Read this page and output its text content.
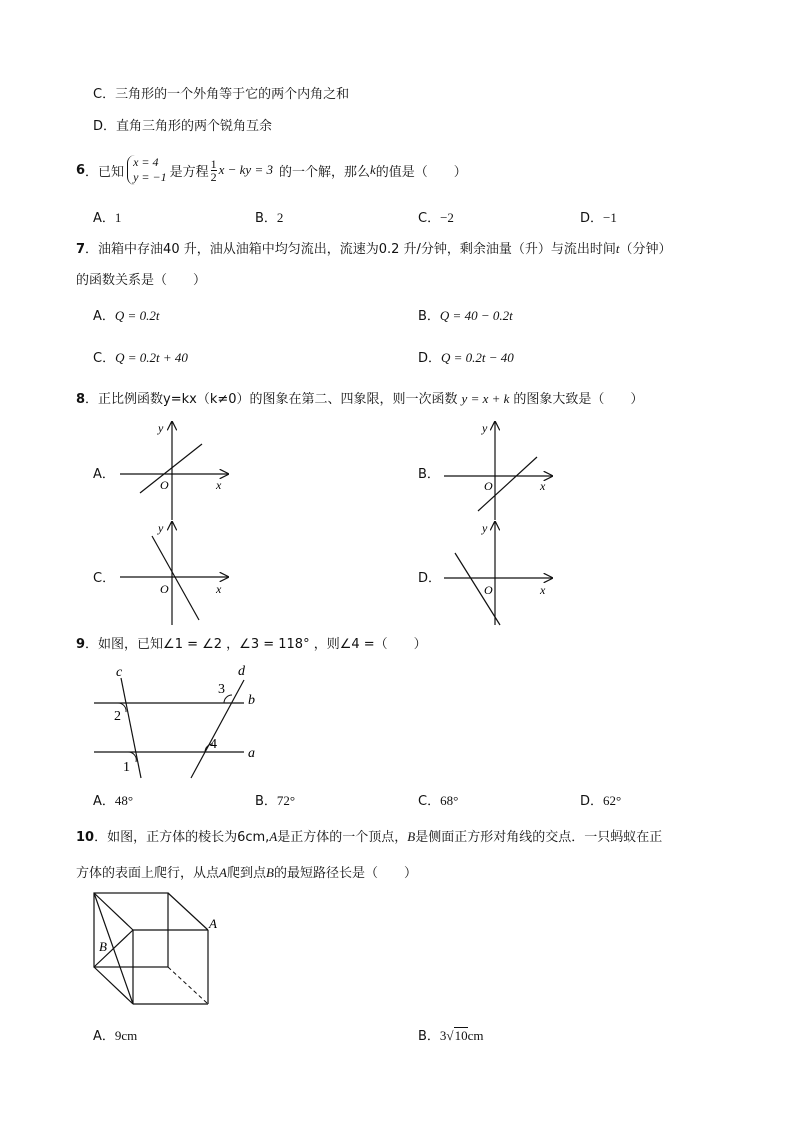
C．三角形的一个外角等于它的两个内角之和
D．直角三角形的两个锐角互余
6 ．已知
x = 4
y = −1 是方程 $\frac{1}{2}$ x − ky = 3 的一个解，那么 k 的值是（　　）
A．1	B．2	C．−2	D．−1
7．油箱中存油40 升，油从油箱中均匀流出，流速为0.2 升/分钟，剩余油量（升）与流出时间t（分钟）
的函数关系是（　　）
A．Q = 0.2t	B．Q = 40 − 0.2t
C．Q = 0.2t + 40	D．Q = 0.2t − 40
8．正比例函数y=kx（k≠0）的图象在第二、四象限，则一次函数 y = x + k 的图象大致是（　　）
A．	B．
C．	D．
y
O	x
y
O	x
y
O	x
y
O	x
c	d
b
a
2
1
3
4
A
B
9．如图，已知∠1 = ∠2 ，∠3 = 118° ，则∠4 =（　　）
A．48°	B．72°	C．68°	D．62°
10．如图，正方体的棱长为6cm,A是正方体的一个顶点，B是侧面正方形对角线的交点．一只蚂蚁在正
方体的表面上爬行，从点A爬到点B的最短路径长是（　　）
A．9cm	B．3√10cm
